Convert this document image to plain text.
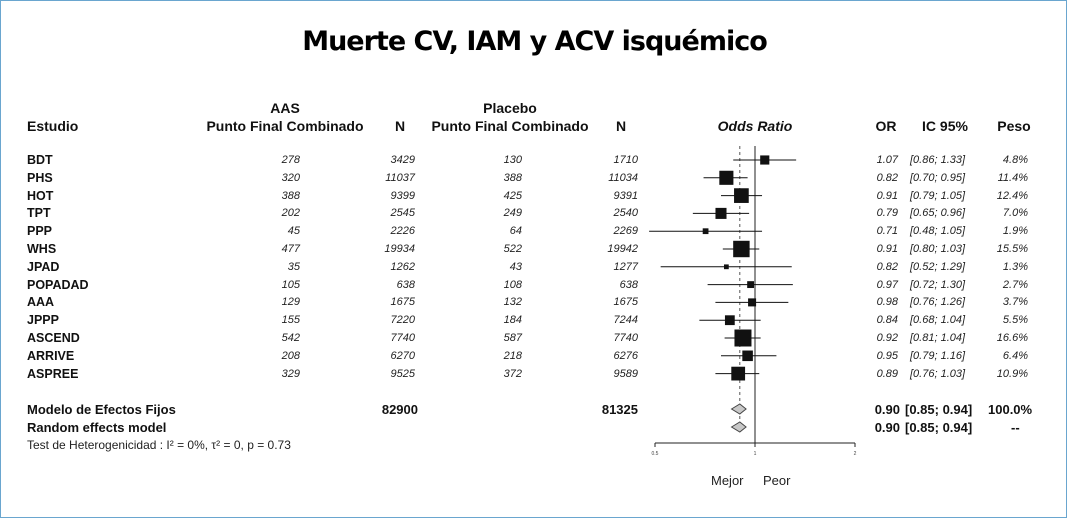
Muerte CV, IAM y ACV isquémico
Estudio
AAS
Punto Final Combinado	N
Placebo
Punto Final Combinado	N	Odds Ratio	OR	IC 95%	Peso
BDT	278	3429	130	1710	1.07 [0.86; 1.33]	4.8%
PHS	320	11037	388	11034	0.82 [0.70; 0.95]	11.4%
HOT	388	9399	425	9391	0.91 [0.79; 1.05]	12.4%
TPT	202	2545	249	2540	0.79 [0.65; 0.96]	7.0%
PPP	45	2226	64	2269	0.71 [0.48; 1.05]	1.9%
WHS	477	19934	522	19942	0.91 [0.80; 1.03]	15.5%
JPAD	35	1262	43	1277	0.82 [0.52; 1.29]	1.3%
POPADAD	105	638	108	638	0.97 [0.72; 1.30]	2.7%
AAA	129	1675	132	1675	0.98 [0.76; 1.26]	3.7%
JPPP	155	7220	184	7244	0.84 [0.68; 1.04]	5.5%
ASCEND	542	7740	587	7740	0.92 [0.81; 1.04]	16.6%
ARRIVE	208	6270	218	6276	0.95 [0.79; 1.16]	6.4%
ASPREE	329	9525	372	9589	0.89 [0.76; 1.03]	10.9%
Modelo de Efectos Fijos	82900	81325	0.90 [0.85; 0.94] 100.0%
Random effects model	0.90 [0.85; 0.94]	--
Test de Heterogenicidad : I² = 0%, τ² = 0, p = 0.73
Mejor Peor
0.5	1	2
